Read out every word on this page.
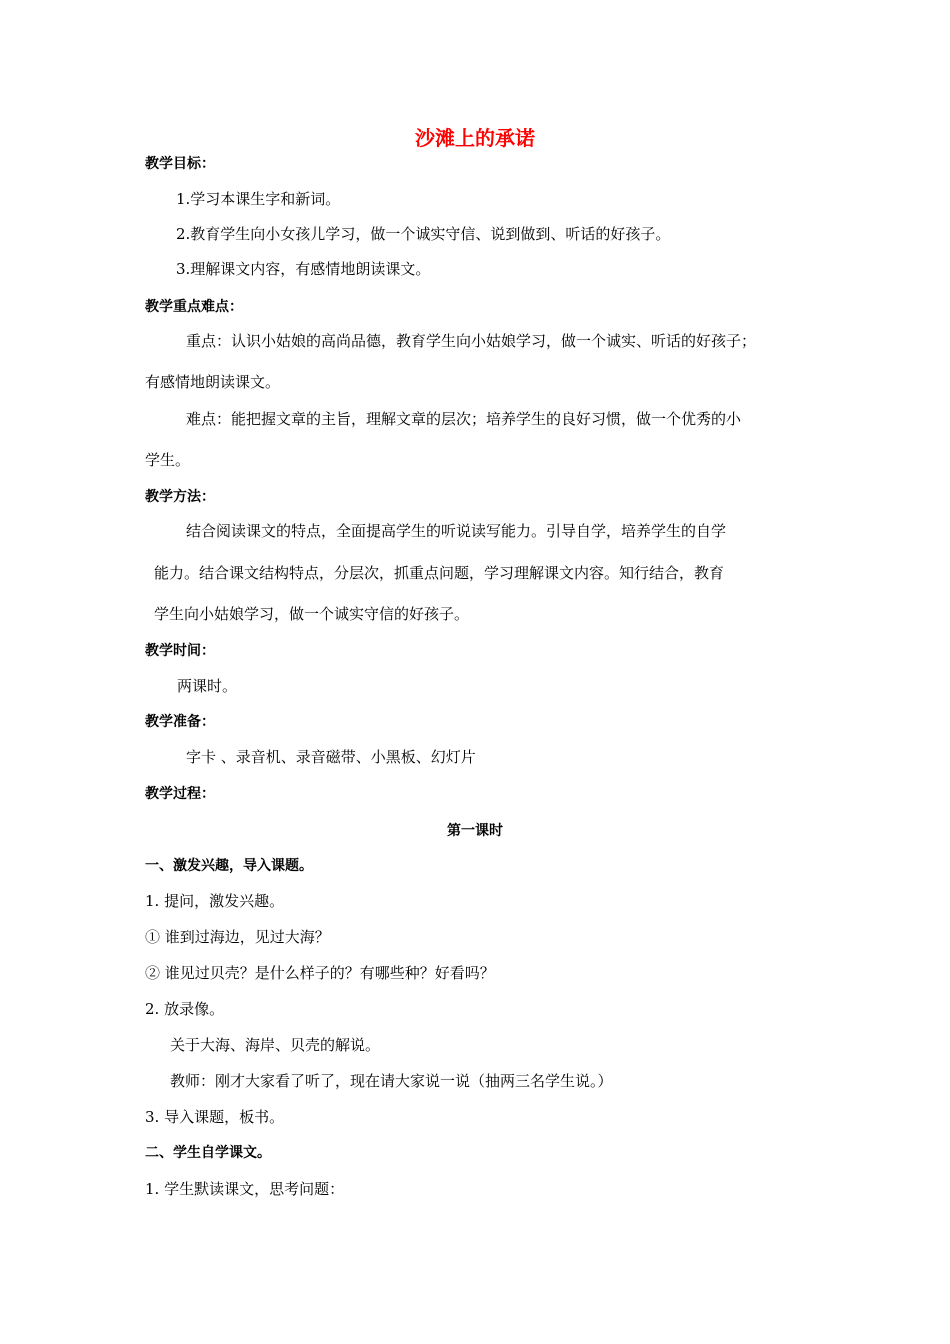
沙滩上的承诺
教学目标：
1.学习本课生字和新词。
2.教育学生向小女孩儿学习，做一个诚实守信、说到做到、听话的好孩子。
3.理解课文内容，有感情地朗读课文。
教学重点难点：
重点：认识小姑娘的高尚品德，教育学生向小姑娘学习，做一个诚实、听话的好孩子；
有感情地朗读课文。
难点：能把握文章的主旨，理解文章的层次；培养学生的良好习惯，做一个优秀的小
学生。
教学方法：
结合阅读课文的特点，全面提高学生的听说读写能力。引导自学，培养学生的自学
能力。结合课文结构特点，分层次，抓重点问题，学习理解课文内容。知行结合，教育
学生向小姑娘学习，做一个诚实守信的好孩子。
教学时间：
两课时。
教学准备：
字卡 、录音机、录音磁带、小黑板、幻灯片
教学过程：
第一课时
一、激发兴趣，导入课题。
1. 提问，激发兴趣。
① 谁到过海边，见过大海？
② 谁见过贝壳？是什么样子的？有哪些种？好看吗？
2. 放录像。
关于大海、海岸、贝壳的解说。
教师：刚才大家看了听了，现在请大家说一说（抽两三名学生说。）
3. 导入课题，板书。
二、学生自学课文。
1. 学生默读课文，思考问题：
